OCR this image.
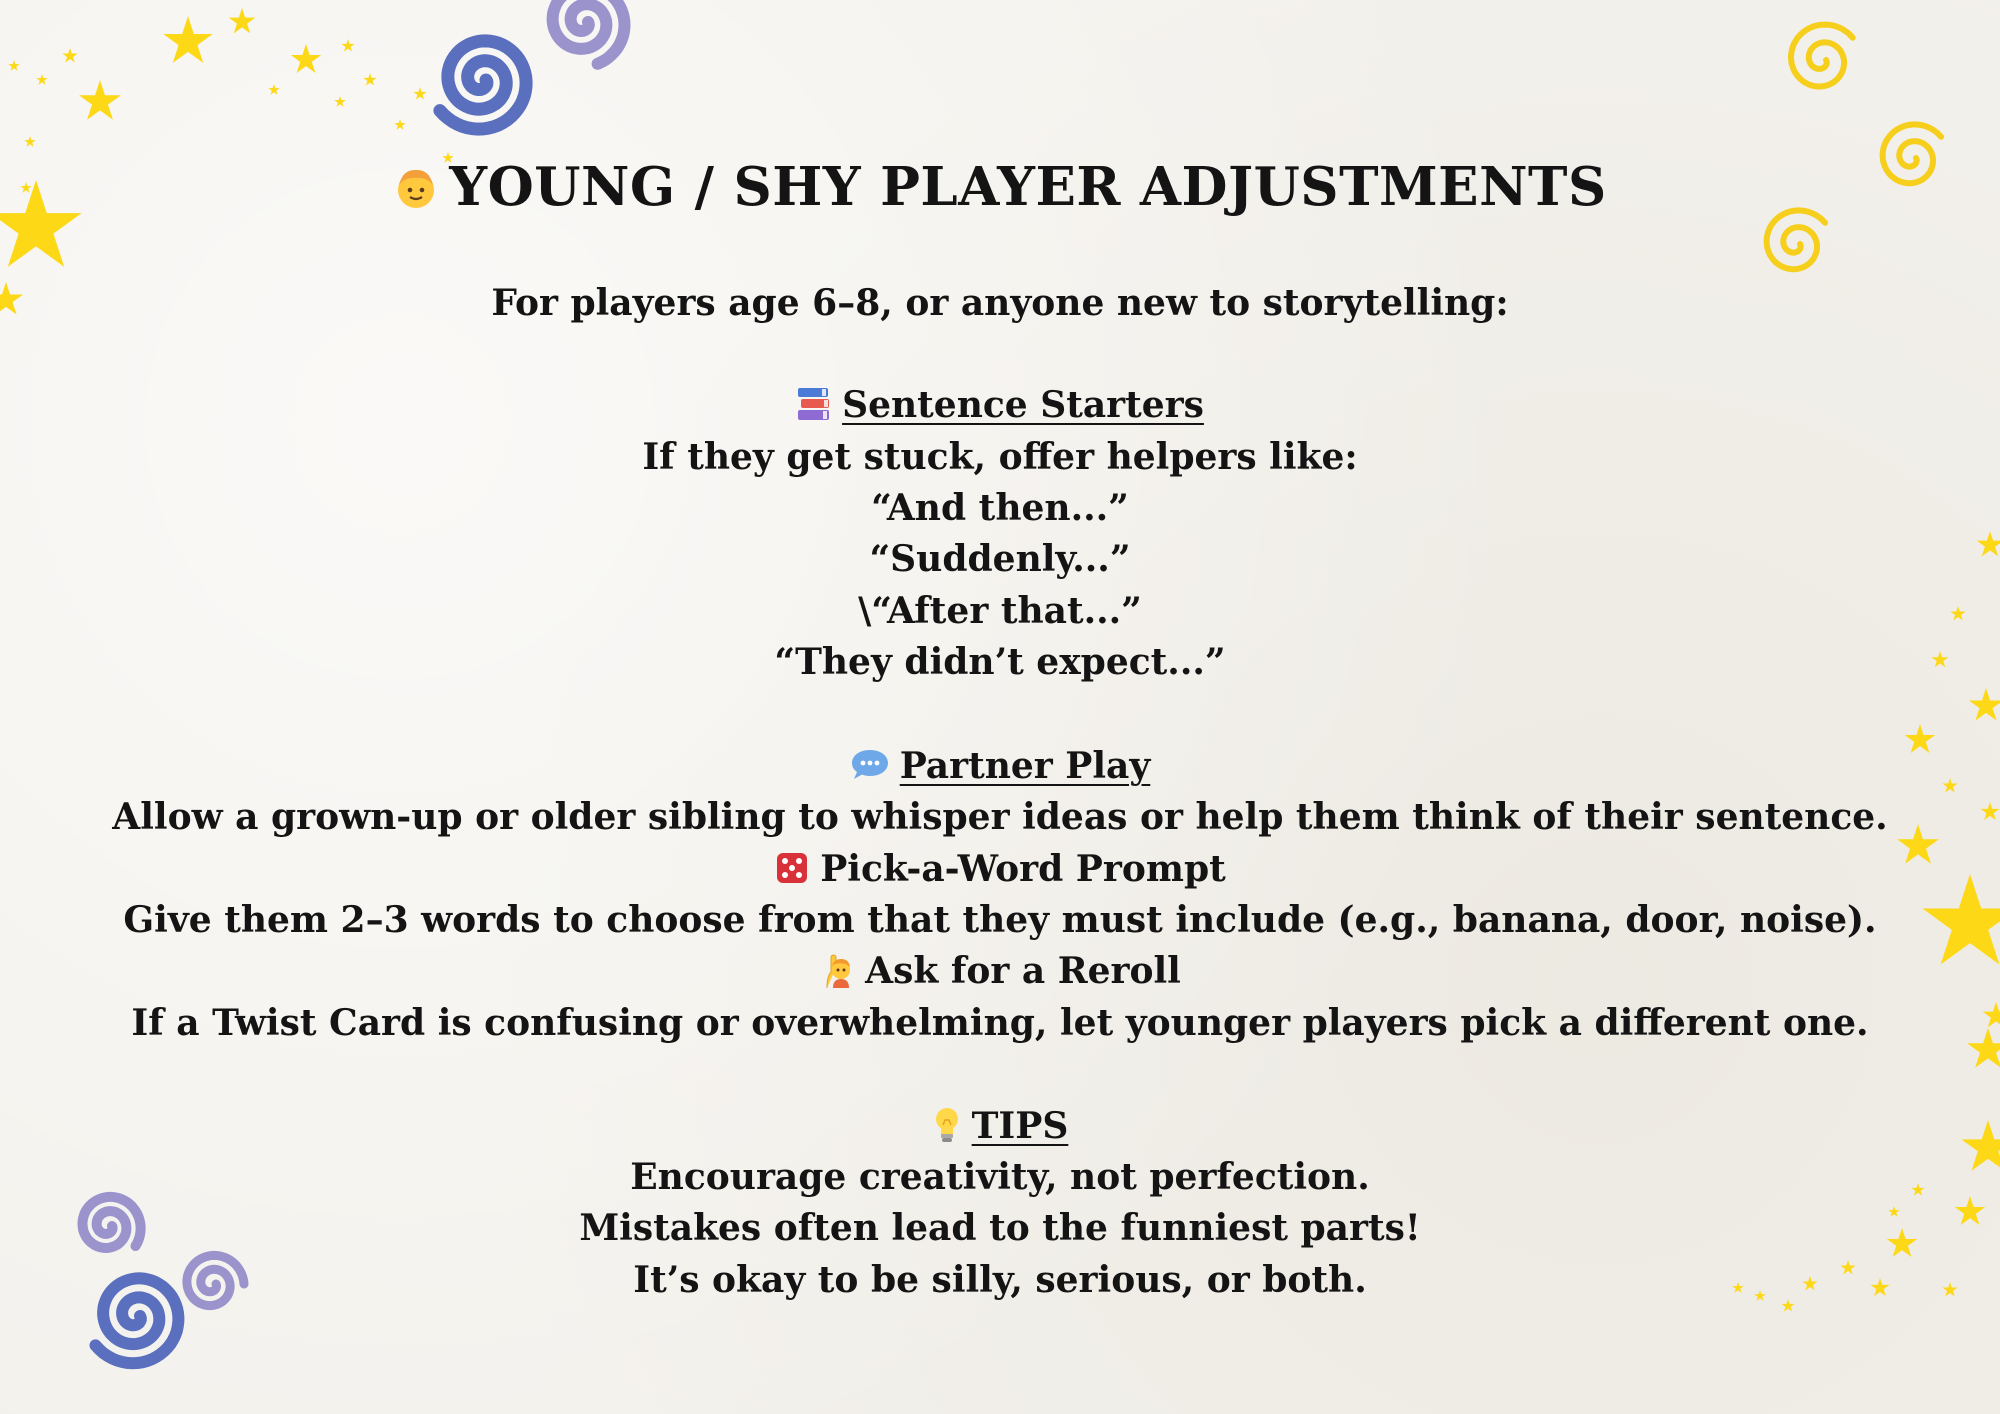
YOUNG / SHY PLAYER ADJUSTMENTS
For players age 6–8, or anyone new to storytelling:
Sentence Starters
If they get stuck, offer helpers like:
“And then...”
“Suddenly...”
\“After that...”
“They didn’t expect...”
Partner Play
Allow a grown-up or older sibling to whisper ideas or help them think of their sentence.
Pick-a-Word Prompt
Give them 2–3 words to choose from that they must include (e.g., banana, door, noise).
Ask for a Reroll
If a Twist Card is confusing or overwhelming, let younger players pick a different one.
TIPS
Encourage creativity, not perfection.
Mistakes often lead to the funniest parts!
It’s okay to be silly, serious, or both.
